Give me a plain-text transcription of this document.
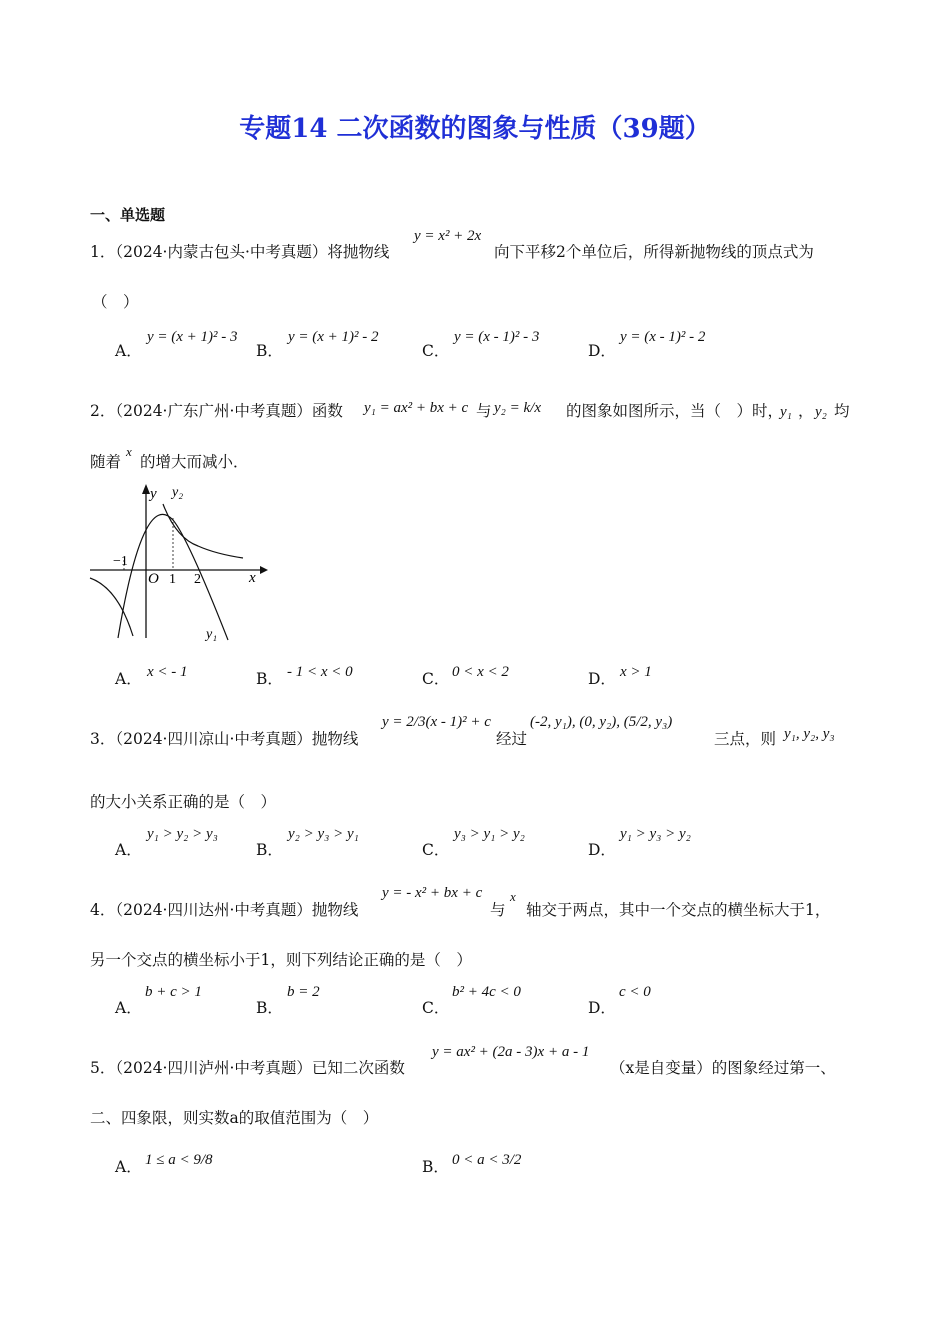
专题14 二次函数的图象与性质（39题）
一、单选题
1．（2024·内蒙古包头·中考真题）将抛物线
y = x² + 2x
向下平移2个单位后，所得新抛物线的顶点式为
（　）
A．
y = (x + 1)² - 3
B．
y = (x + 1)² - 2
C．
y = (x - 1)² - 3
D．
y = (x - 1)² - 2
2．（2024·广东广州·中考真题）函数 y₁ = ax² + bx + c 与 y₂ = k/x 的图象如图所示，当（　）时，
y₁ ， y₂ 均
随着
x
的增大而减小．
y
x
O
−1
1 2
y₂
y₁
A． x < - 1	B． - 1 < x < 0	C． 0 < x < 2	D． x > 1
3．（2024·四川凉山·中考真题）抛物线
y = 2/3(x - 1)² + c
经过
(-2, y₁), (0, y₂), (5/2, y₃)
三点，则 y₁, y₂, y₃
的大小关系正确的是（　）
A．
y₁ > y₂ > y₃
B．
y₂ > y₃ > y₁
C．
y₃ > y₁ > y₂
D．
y₁ > y₃ > y₂
4．（2024·四川达州·中考真题）抛物线
y = - x² + bx + c
与
x
轴交于两点，其中一个交点的横坐标大于1，
另一个交点的横坐标小于1，则下列结论正确的是（　）
A．
b + c > 1
B．
b = 2
C．
b² + 4c < 0
D．
c < 0
5．（2024·四川泸州·中考真题）已知二次函数
y = ax² + (2a - 3)x + a - 1
（x是自变量）的图象经过第一、
二、四象限，则实数a的取值范围为（　）
A． 1 ≤ a < 9/8	B． 0 < a < 3/2
